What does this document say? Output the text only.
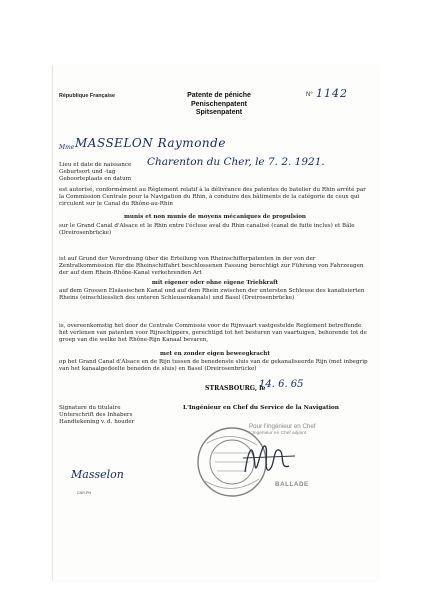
République Française	Patente de péniche
Penischenpatent
Spitsenpatent
N° 1142
Mme MASSELON Raymonde
Lieu et date de naissance
Geburtsort und -tag
Geboorteplaats en datum
Charenton du Cher, le 7. 2. 1921.
est autorisé, conformément au Règlement relatif à la délivrance des patentes de batelier du Rhin arrêté par la Commission Centrale pour la Navigation du Rhin, à conduire des bâtiments de la catégorie de ceux qui circulent sur le Canal du Rhône-au-Rhin
munis et non munis de moyens mécaniques de propulsion
sur le Grand Canal d'Alsace et le Rhin entre l'écluse aval du Rhin canalisé (canal de fuite inclus) et Bâle (Dreirosenbrücke)
ist auf Grund der Verordnung über die Erteilung von Rheinschifferpatenten in der von der Zentralkommission für die Rheinschiffahrt beschlossenen Fassung berechtigt zur Führung von Fahrzeugen der auf dem Rhein-Rhône-Kanal verkehrenden Art
mit eigener oder ohne eigene Triebkraft
auf dem Grossen Elsässischen Kanal und auf dem Rhein zwischen der untersten Schleuse des kanalisierten Rheins (einschliesslich des unteren Schleusenkanals) und Basel (Dreirosenbrücke)
is, overeenkomstig het door de Centrale Commissie voor de Rijnvaart vastgestelde Reglement betreffende het verlenen van patenten voor Rijnschippers, gerechtigd tot het besturen van vaartuigen, behorende tot de groep van die welke het Rhône-Rijn Kanaal bevaren,
met en zonder eigen beweegkracht
op het Grand Canal d'Alsace en de Rijn tussen de benedenste sluis van de gekanaliseerde Rijn (met inbegrip van het kanaalgedeelte beneden de sluis) en Basel (Dreirosenbrücke)
STRASBOURG, le
14. 6. 65
Signature du titulaire
Unterschrift des Inhabers
Handtekening v. d. houder
L'Ingénieur en Chef du Service de la Navigation
Pour l'Ingénieur en Chef
L'Ingénieur en Chef adjoint
BALLADE
Masselon
CNR-PN
